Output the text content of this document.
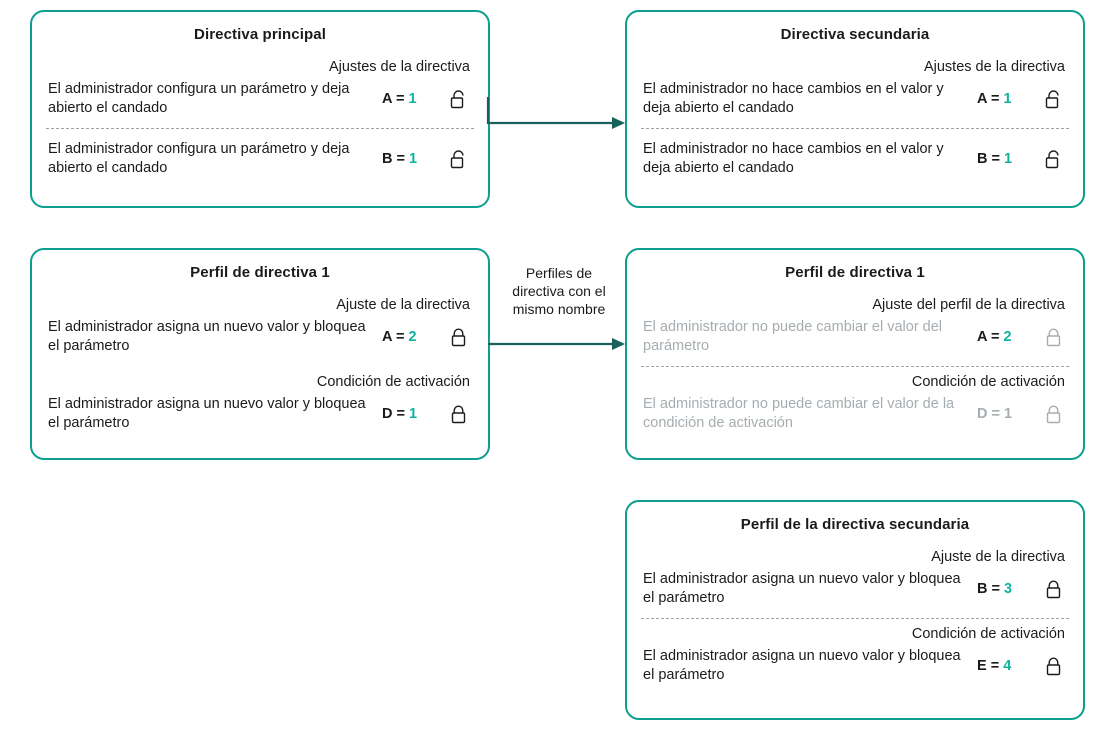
Directiva principal
Ajustes de la directiva
El administrador configura un parámetro y deja abierto el candado
A = 1
El administrador configura un parámetro y deja abierto el candado
B = 1
Directiva secundaria
Ajustes de la directiva
El administrador no hace cambios en el valor y deja abierto el candado
A = 1
El administrador no hace cambios en el valor y deja abierto el candado
B = 1
Perfil de directiva 1
Ajuste de la directiva
El administrador asigna un nuevo valor y bloquea el parámetro
A = 2
Condición de activación
El administrador asigna un nuevo valor y bloquea el parámetro
D = 1
Perfil de directiva 1
Ajuste del perfil de la directiva
El administrador no puede cambiar el valor del parámetro
A = 2
Condición de activación
El administrador no puede cambiar el valor de la condición de activación
D = 1
Perfil de la directiva secundaria
Ajuste de la directiva
El administrador asigna un nuevo valor y bloquea el parámetro
B = 3
Condición de activación
El administrador asigna un nuevo valor y bloquea el parámetro
E = 4
Perfiles de directiva con el mismo nombre
